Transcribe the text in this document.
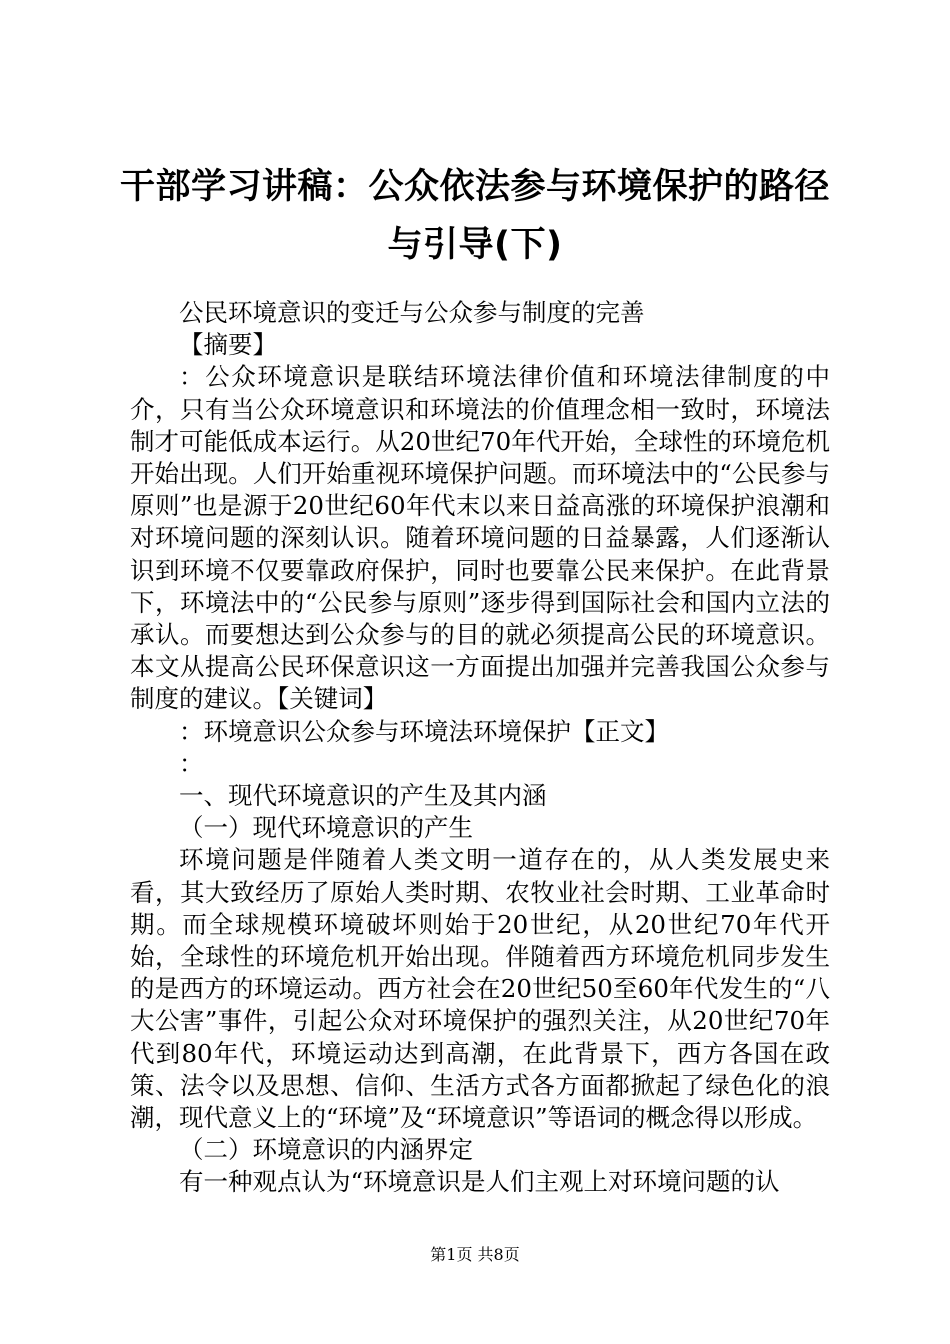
干部学习讲稿：公众依法参与环境保护的路径与引导(下)

公民环境意识的变迁与公众参与制度的完善

【摘要】

：公众环境意识是联结环境法律价值和环境法律制度的中介，只有当公众环境意识和环境法的价值理念相一致时，环境法制才可能低成本运行。从20世纪70年代开始，全球性的环境危机开始出现。人们开始重视环境保护问题。而环境法中的“公民参与原则”也是源于20世纪60年代末以来日益高涨的环境保护浪潮和对环境问题的深刻认识。随着环境问题的日益暴露，人们逐渐认识到环境不仅要靠政府保护，同时也要靠公民来保护。在此背景下，环境法中的“公民参与原则”逐步得到国际社会和国内立法的承认。而要想达到公众参与的目的就必须提高公民的环境意识。本文从提高公民环保意识这一方面提出加强并完善我国公众参与制度的建议。【关键词】

：环境意识公众参与环境法环境保护【正文】

：

一、现代环境意识的产生及其内涵

（一）现代环境意识的产生

环境问题是伴随着人类文明一道存在的，从人类发展史来看，其大致经历了原始人类时期、农牧业社会时期、工业革命时期。而全球规模环境破坏则始于20世纪，从20世纪70年代开始，全球性的环境危机开始出现。伴随着西方环境危机同步发生的是西方的环境运动。西方社会在20世纪50至60年代发生的“八大公害”事件，引起公众对环境保护的强烈关注，从20世纪70年代到80年代，环境运动达到高潮，在此背景下，西方各国在政策、法令以及思想、信仰、生活方式各方面都掀起了绿色化的浪潮，现代意义上的“环境”及“环境意识”等语词的概念得以形成。

（二）环境意识的内涵界定

有一种观点认为“环境意识是人们主观上对环境问题的认

第1页 共8页
